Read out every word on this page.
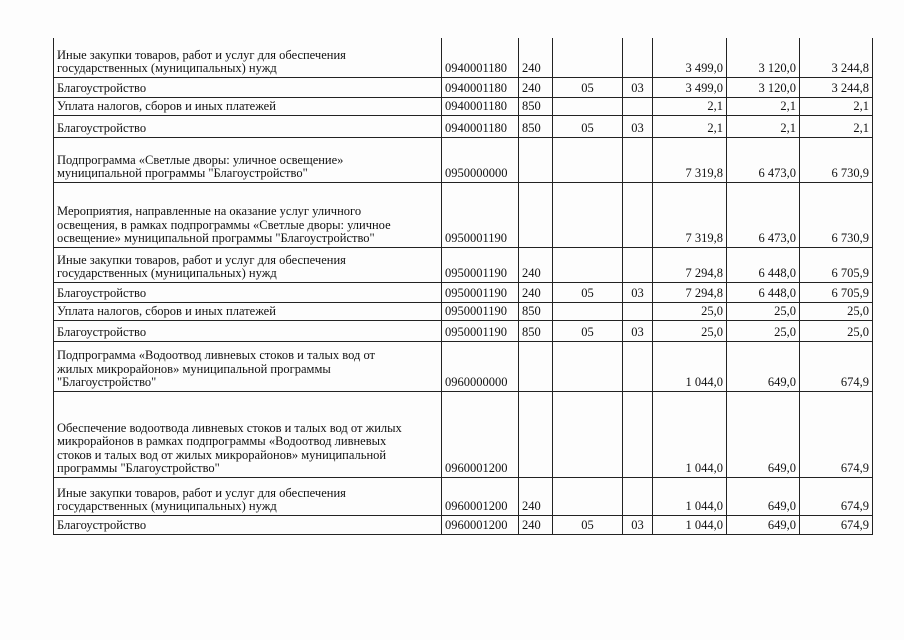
Иные закупки товаров, работ и услуг для обеспечения
государственных (муниципальных) нужд	0940001180	240			3 499,0	3 120,0	3 244,8
Благоустройство	0940001180	240	05	03	3 499,0	3 120,0	3 244,8
Уплата налогов, сборов и иных платежей	0940001180	850			2,1	2,1	2,1
Благоустройство	0940001180	850	05	03	2,1	2,1	2,1
Подпрограмма «Светлые дворы: уличное освещение»
муниципальной программы "Благоустройство"	0950000000				7 319,8	6 473,0	6 730,9
Мероприятия, направленные на оказание услуг уличного
освещения, в рамках подпрограммы «Светлые дворы: уличное
освещение» муниципальной программы "Благоустройство"	0950001190				7 319,8	6 473,0	6 730,9
Иные закупки товаров, работ и услуг для обеспечения
государственных (муниципальных) нужд	0950001190	240			7 294,8	6 448,0	6 705,9
Благоустройство	0950001190	240	05	03	7 294,8	6 448,0	6 705,9
Уплата налогов, сборов и иных платежей	0950001190	850			25,0	25,0	25,0
Благоустройство	0950001190	850	05	03	25,0	25,0	25,0
Подпрограмма «Водоотвод ливневых стоков и талых вод от
жилых микрорайонов» муниципальной программы
"Благоустройство"	0960000000				1 044,0	649,0	674,9
Обеспечение водоотвода ливневых стоков и талых вод от жилых
микрорайонов в рамках подпрограммы «Водоотвод ливневых
стоков и талых вод от жилых микрорайонов» муниципальной
программы "Благоустройство"	0960001200				1 044,0	649,0	674,9
Иные закупки товаров, работ и услуг для обеспечения
государственных (муниципальных) нужд	0960001200	240			1 044,0	649,0	674,9
Благоустройство	0960001200	240	05	03	1 044,0	649,0	674,9
